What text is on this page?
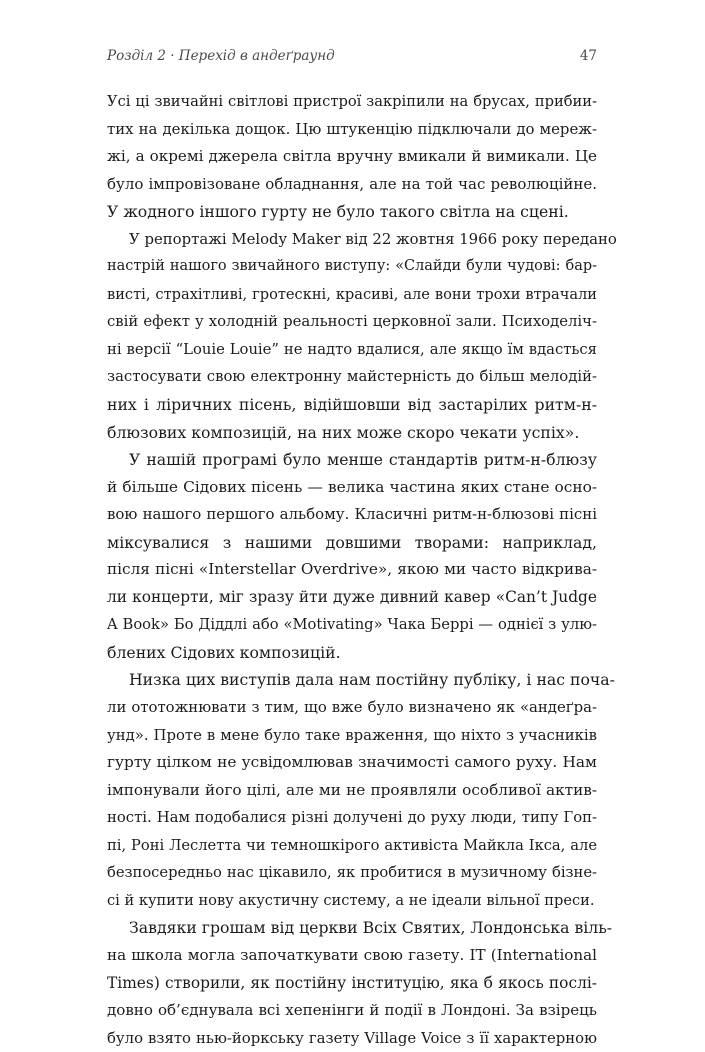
Розділ 2 · Перехід в андеґраунд	47
Усі ці звичайні світлові пристрої закріпили на брусах, прибии-
тих на декілька дощок. Цю штукенцію підключали до мереж-
жі, а окремі джерела світла вручну вмикали й вимикали. Це
було імпровізоване обладнання, але на той час революційне.
У жодного іншого гурту не було такого світла на сцені.
У репортажі Melody Maker від 22 жовтня 1966 року передано
настрій нашого звичайного виступу: «Слайди були чудові: бар-
висті, страхітливі, гротескні, красиві, але вони трохи втрачали
свій ефект у холодній реальності церковної зали. Психоделіч-
ні версії “Louie Louie” не надто вдалися, але якщо їм вдасться
застосувати свою електронну майстерність до більш мелодій-
них і ліричних пісень, відійшовши від застарілих ритм-н-
блюзових композицій, на них може скоро чекати успіх».
У нашій програмі було менше стандартів ритм-н-блюзу
й більше Сідових пісень — велика частина яких стане осно-
вою нашого першого альбому. Класичні ритм-н-блюзові пісні
міксувалися з нашими довшими творами: наприклад,
після пісні «Interstellar Overdrive», якою ми часто відкрива-
ли концерти, міг зразу йти дуже дивний кавер «Can’t Judge
A Book» Бо Діддлі або «Motivating» Чака Беррі — однієї з улю-
блених Сідових композицій.
Низка цих виступів дала нам постійну публіку, і нас поча-
ли ототожнювати з тим, що вже було визначено як «андеґра-
унд». Проте в мене було таке враження, що ніхто з учасників
гурту цілком не усвідомлював значимості самого руху. Нам
імпонували його цілі, але ми не проявляли особливої актив-
ності. Нам подобалися різні долучені до руху люди, типу Гоп-
пі, Роні Леслетта чи темношкірого активіста Майкла Ікса, але
безпосередньо нас цікавило, як пробитися в музичному бізне-
сі й купити нову акустичну систему, а не ідеали вільної преси.
Завдяки грошам від церкви Всіх Святих, Лондонська віль-
на школа могла започаткувати свою газету. IT (International
Times) створили, як постійну інституцію, яка б якось послі-
довно об’єднувала всі хепенінги й події в Лондоні. За взірець
було взято нью-йоркську газету Village Voice з її характерною
